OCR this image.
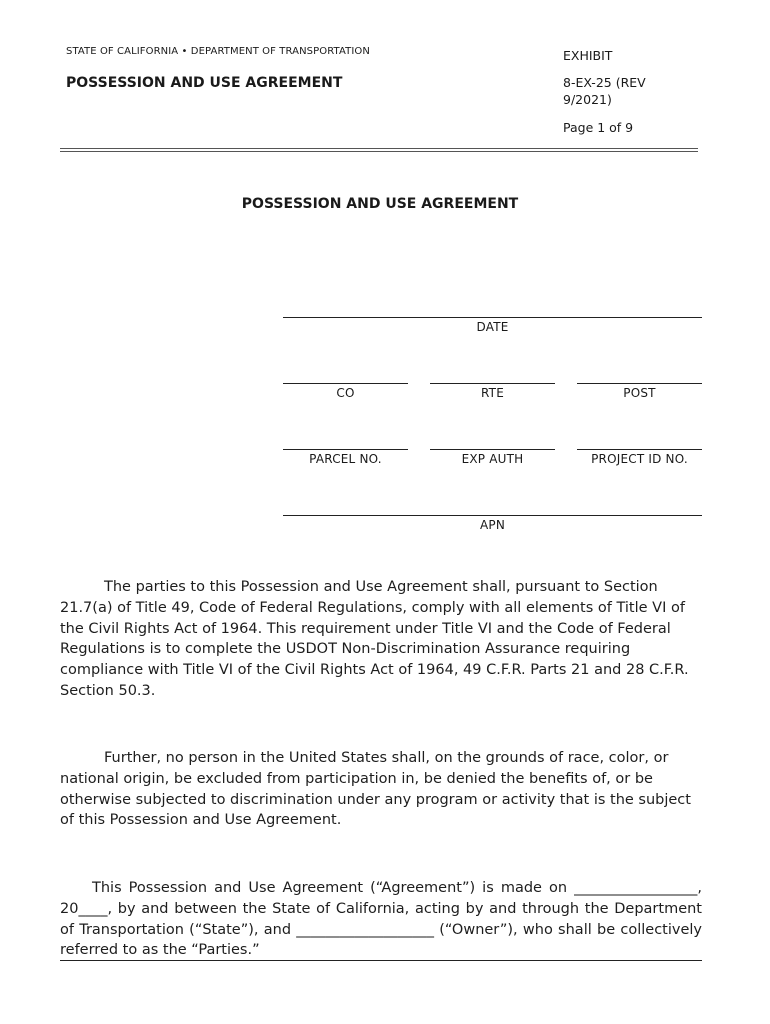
STATE OF CALIFORNIA • DEPARTMENT OF TRANSPORTATION
POSSESSION AND USE AGREEMENT
EXHIBIT
8-EX-25 (REV 9/2021)
Page 1 of 9
POSSESSION AND USE AGREEMENT
DATE
CO	RTE	POST
PARCEL NO.	EXP AUTH	PROJECT ID NO.
APN
The parties to this Possession and Use Agreement shall, pursuant to Section 21.7(a) of Title 49, Code of Federal Regulations, comply with all elements of Title VI of the Civil Rights Act of 1964. This requirement under Title VI and the Code of Federal Regulations is to complete the USDOT Non-Discrimination Assurance requiring compliance with Title VI of the Civil Rights Act of 1964, 49 C.F.R. Parts 21 and 28 C.F.R. Section 50.3.
Further, no person in the United States shall, on the grounds of race, color, or national origin, be excluded from participation in, be denied the benefits of, or be otherwise subjected to discrimination under any program or activity that is the subject of this Possession and Use Agreement.
This Possession and Use Agreement (“Agreement”) is made on _________________, 20____, by and between the State of California, acting by and through the Department of Transportation (“State”), and ___________________ (“Owner”), who shall be collectively referred to as the “Parties.”
